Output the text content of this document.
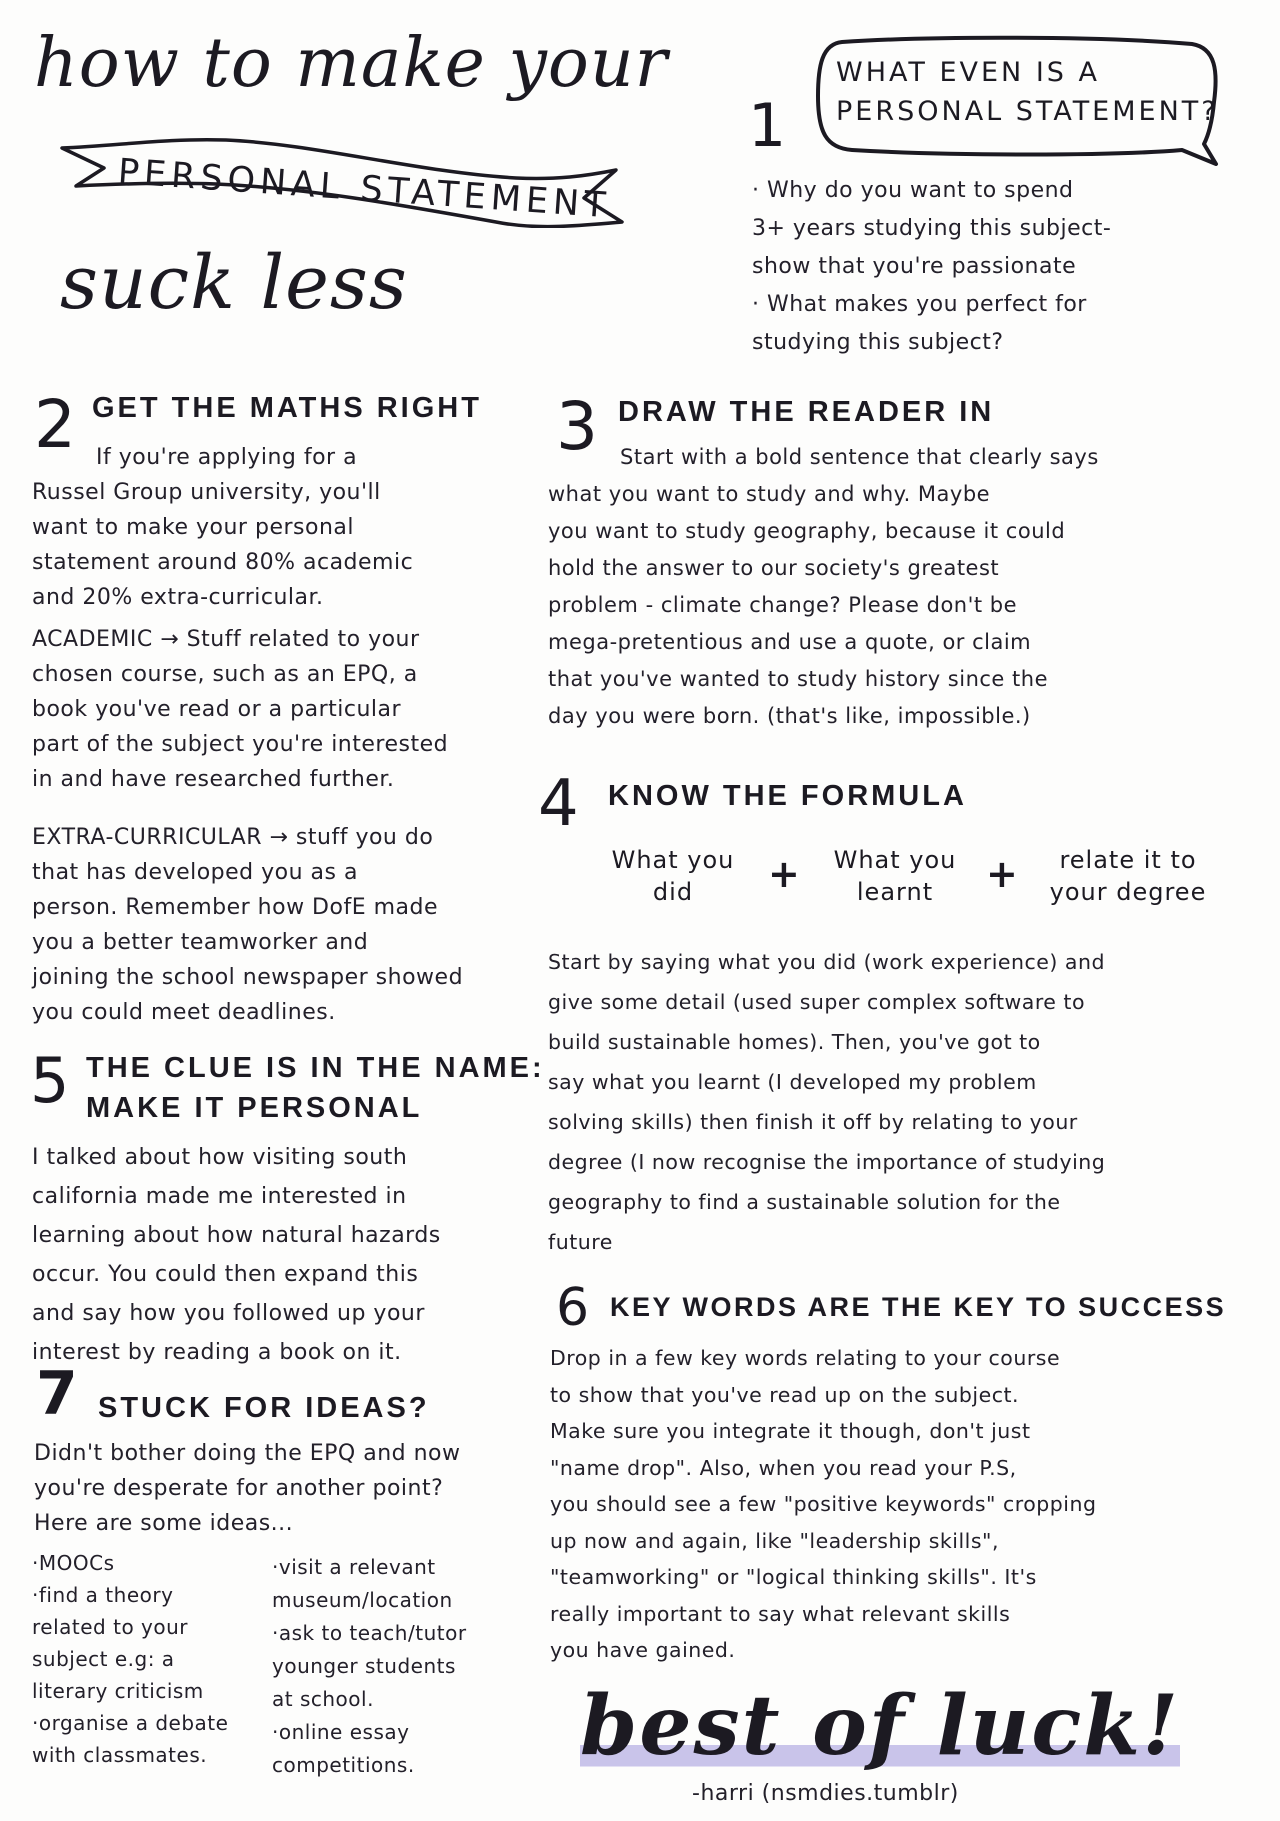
how to make your
PERSONAL STATEMENT
suck less
1
WHAT EVEN IS A
PERSONAL STATEMENT?
· Why do you want to spend
3+ years studying this subject-
show that you're passionate
· What makes you perfect for
studying this subject?
2 GET THE MATHS RIGHT
If you're applying for a
Russel Group university, you'll
want to make your personal
statement around 80% academic
and 20% extra-curricular.
ACADEMIC → Stuff related to your
chosen course, such as an EPQ, a
book you've read or a particular
part of the subject you're interested
in and have researched further.
EXTRA-CURRICULAR → stuff you do
that has developed you as a
person. Remember how DofE made
you a better teamworker and
joining the school newspaper showed
you could meet deadlines.
5 THE CLUE IS IN THE NAME:
MAKE IT PERSONAL
I talked about how visiting south
california made me interested in
learning about how natural hazards
occur. You could then expand this
and say how you followed up your
interest by reading a book on it.
7 STUCK FOR IDEAS?
Didn't bother doing the EPQ and now
you're desperate for another point?
Here are some ideas...
·MOOCs
·find a theory
related to your
subject e.g: a
literary criticism
·organise a debate
with classmates.
·visit a relevant
museum/location
·ask to teach/tutor
younger students
at school.
·online essay
competitions.
3 DRAW THE READER IN
Start with a bold sentence that clearly says
what you want to study and why. Maybe
you want to study geography, because it could
hold the answer to our society's greatest
problem - climate change? Please don't be
mega-pretentious and use a quote, or claim
that you've wanted to study history since the
day you were born. (that's like, impossible.)
4 KNOW THE FORMULA
What you
did	+	What you
learnt	+	relate it to
your degree
Start by saying what you did (work experience) and
give some detail (used super complex software to
build sustainable homes). Then, you've got to
say what you learnt (I developed my problem
solving skills) then finish it off by relating to your
degree (I now recognise the importance of studying
geography to find a sustainable solution for the
future
6 KEY WORDS ARE THE KEY TO SUCCESS
Drop in a few key words relating to your course
to show that you've read up on the subject.
Make sure you integrate it though, don't just
"name drop". Also, when you read your P.S,
you should see a few "positive keywords" cropping
up now and again, like "leadership skills",
"teamworking" or "logical thinking skills". It's
really important to say what relevant skills
you have gained.
best of luck!
-harri (nsmdies.tumblr)
